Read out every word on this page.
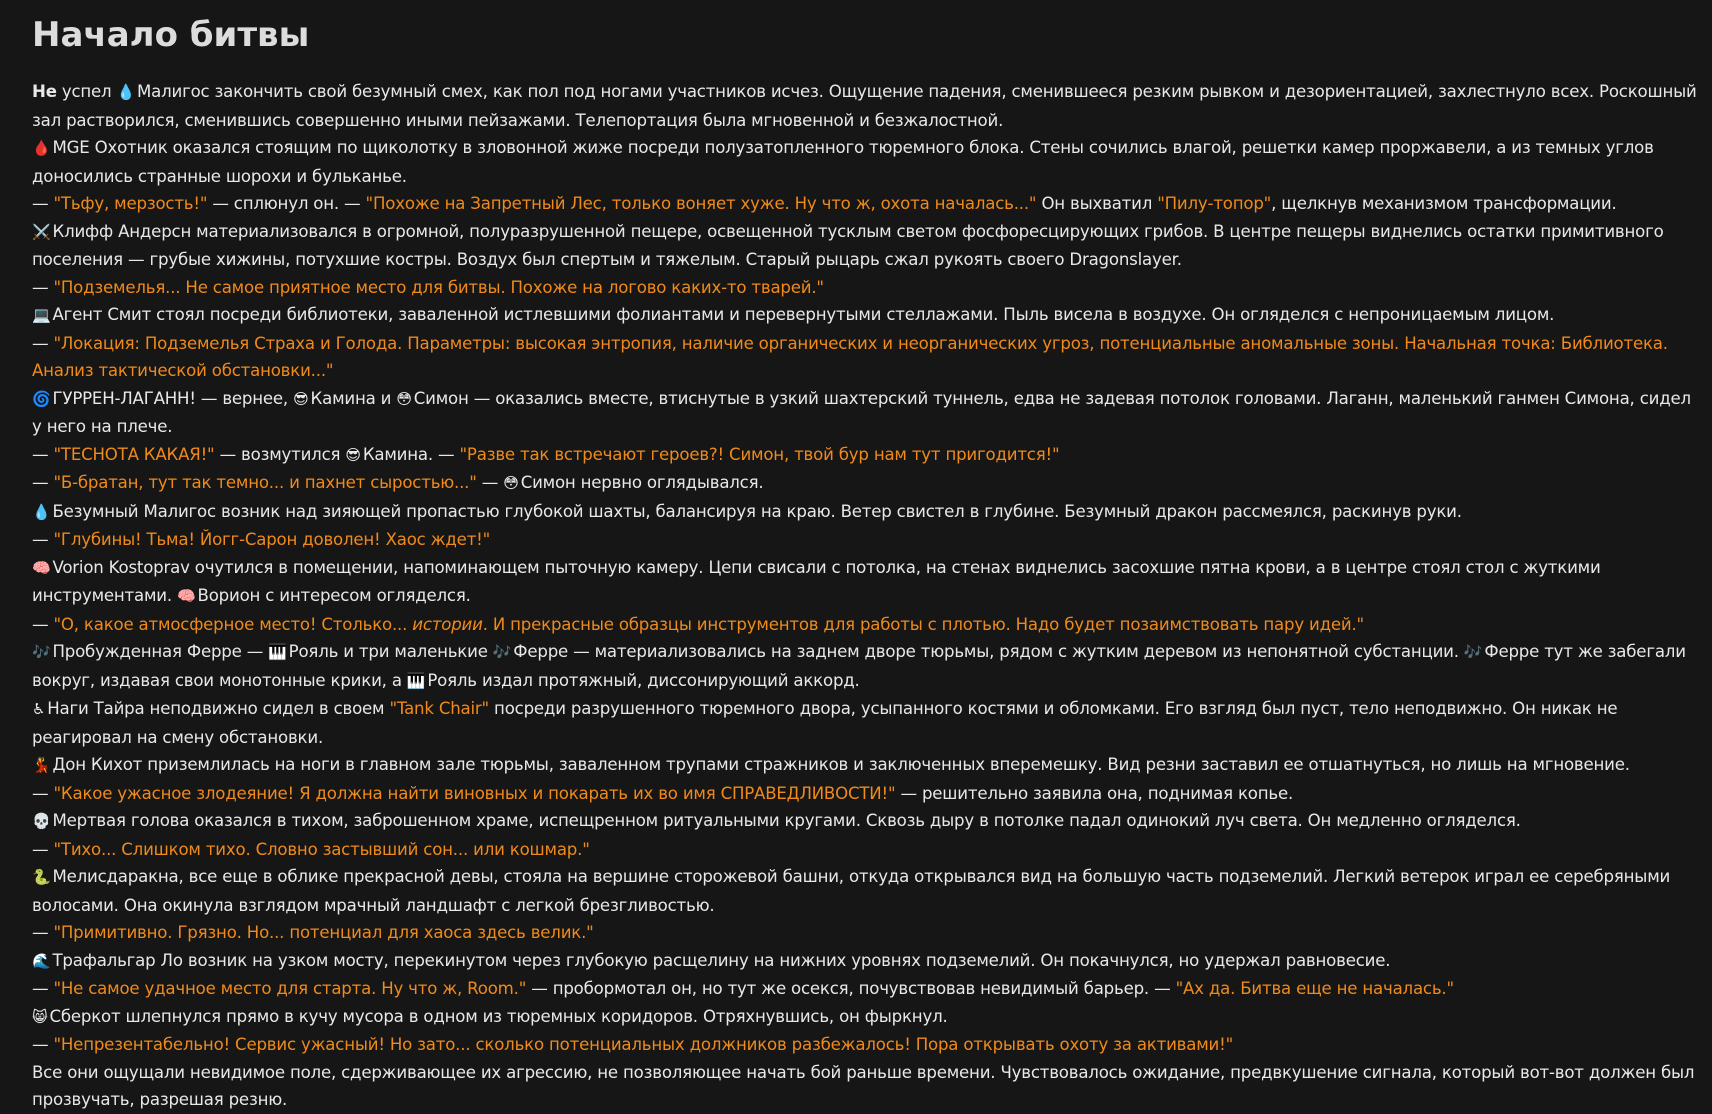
Начало битвы

Не успел 💧 Малигос закончить свой безумный смех, как пол под ногами участников исчез. Ощущение падения, сменившееся резким рывком и дезориентацией, захлестнуло всех. Роскошный зал растворился, сменившись совершенно иными пейзажами. Телепортация была мгновенной и безжалостной.

🩸 MGE Охотник оказался стоящим по щиколотку в зловонной жиже посреди полузатопленного тюремного блока. Стены сочились влагой, решетки камер проржавели, а из темных углов доносились странные шорохи и бульканье.

— "Тьфу, мерзость!" — сплюнул он. — "Похоже на Запретный Лес, только воняет хуже. Ну что ж, охота началась..." Он выхватил "Пилу-топор", щелкнув механизмом трансформации.

⚔️ Клифф Андерсн материализовался в огромной, полуразрушенной пещере, освещенной тусклым светом фосфоресцирующих грибов. В центре пещеры виднелись остатки примитивного поселения — грубые хижины, потухшие костры. Воздух был спертым и тяжелым. Старый рыцарь сжал рукоять своего Dragonslayer.

— "Подземелья... Не самое приятное место для битвы. Похоже на логово каких-то тварей."

💻 Агент Смит стоял посреди библиотеки, заваленной истлевшими фолиантами и перевернутыми стеллажами. Пыль висела в воздухе. Он огляделся с непроницаемым лицом.

— "Локация: Подземелья Страха и Голода. Параметры: высокая энтропия, наличие органических и неорганических угроз, потенциальные аномальные зоны. Начальная точка: Библиотека. Анализ тактической обстановки..."

🌀 ГУРРЕН-ЛАГАНН! — вернее, 😎 Камина и 😳 Симон — оказались вместе, втиснутые в узкий шахтерский туннель, едва не задевая потолок головами. Лаганн, маленький ганмен Симона, сидел у него на плече.

— "ТЕСНОТА КАКАЯ!" — возмутился 😎 Камина. — "Разве так встречают героев?! Симон, твой бур нам тут пригодится!"

— "Б-братан, тут так темно... и пахнет сыростью..." — 😳 Симон нервно оглядывался.

💧 Безумный Малигос возник над зияющей пропастью глубокой шахты, балансируя на краю. Ветер свистел в глубине. Безумный дракон рассмеялся, раскинув руки.

— "Глубины! Тьма! Йогг-Сарон доволен! Хаос ждет!"

🧠 Vorion Kostoprav очутился в помещении, напоминающем пыточную камеру. Цепи свисали с потолка, на стенах виднелись засохшие пятна крови, а в центре стоял стол с жуткими инструментами. 🧠 Ворион с интересом огляделся.

— "О, какое атмосферное место! Столько... истории. И прекрасные образцы инструментов для работы с плотью. Надо будет позаимствовать пару идей."

🎶 Пробужденная Ферре — 🎹 Рояль и три маленькие 🎶 Ферре — материализовались на заднем дворе тюрьмы, рядом с жутким деревом из непонятной субстанции. 🎶 Ферре тут же забегали вокруг, издавая свои монотонные крики, а 🎹 Рояль издал протяжный, диссонирующий аккорд.

♿ Наги Тайра неподвижно сидел в своем "Tank Chair" посреди разрушенного тюремного двора, усыпанного костями и обломками. Его взгляд был пуст, тело неподвижно. Он никак не реагировал на смену обстановки.

💃 Дон Кихот приземлилась на ноги в главном зале тюрьмы, заваленном трупами стражников и заключенных вперемешку. Вид резни заставил ее отшатнуться, но лишь на мгновение.

— "Какое ужасное злодеяние! Я должна найти виновных и покарать их во имя СПРАВЕДЛИВОСТИ!" — решительно заявила она, поднимая копье.

💀 Мертвая голова оказался в тихом, заброшенном храме, испещренном ритуальными кругами. Сквозь дыру в потолке падал одинокий луч света. Он медленно огляделся.

— "Тихо... Слишком тихо. Словно застывший сон... или кошмар."

🐍 Мелисдаракна, все еще в облике прекрасной девы, стояла на вершине сторожевой башни, откуда открывался вид на большую часть подземелий. Легкий ветерок играл ее серебряными волосами. Она окинула взглядом мрачный ландшафт с легкой брезгливостью.

— "Примитивно. Грязно. Но... потенциал для хаоса здесь велик."

🌊 Трафальгар Ло возник на узком мосту, перекинутом через глубокую расщелину на нижних уровнях подземелий. Он покачнулся, но удержал равновесие.

— "Не самое удачное место для старта. Ну что ж, Room." — пробормотал он, но тут же осекся, почувствовав невидимый барьер. — "Ах да. Битва еще не началась."

😸 Сберкот шлепнулся прямо в кучу мусора в одном из тюремных коридоров. Отряхнувшись, он фыркнул.

— "Непрезентабельно! Сервис ужасный! Но зато... сколько потенциальных должников разбежалось! Пора открывать охоту за активами!"

Все они ощущали невидимое поле, сдерживающее их агрессию, не позволяющее начать бой раньше времени. Чувствовалось ожидание, предвкушение сигнала, который вот-вот должен был прозвучать, разрешая резню.
